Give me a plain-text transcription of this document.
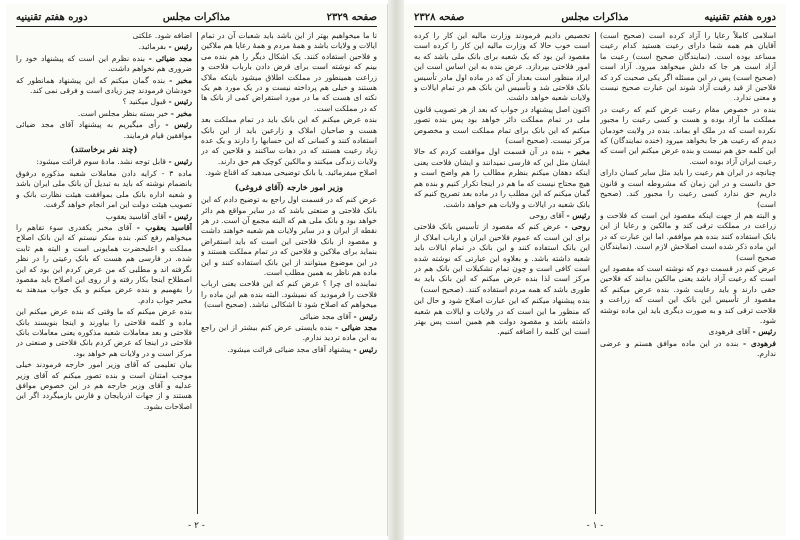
صفحه ۲۳۲۹
مذاکرات مجلس
دوره هفتم تقنینیه

تا ما میخواهیم بهتر از این باشد باید شعبات آن در تمام ایالات و ولایات باشد و همهٔ مردم و همهٔ رعایا هم ملاکین و فلاحین استفاده کنند. یک اشکال دیگر را هم بنده می بینم که نوشته است برای قرض دادن بارباب فلاحت و زراعت همینطور در مملکت اطلاق میشود باینکه ملاک هستند و خیلی هم پرداخته نیست و در یک مورد هم یک نکته ای هست که ما در مورد استقراض کمی از بانک ها که در مملکت است.

بنده عرض میکنم که این بانک باید در تمام مملکت بعد هست و صاحبان املاک و زارعین باید از این بانک استفاده کنند و کسانی که این حسابها را دارند و یک عده زیاد رعیت هستند که در دهات ساکنند و فلاحین که در ولایات زندگی میکنند و مالکین کوچک هم حق دارند.

اصلاح میفرمائید. یا بانک توضیحی میدهید که اقناع شود.

وزیر امور خارجه (آقای فروغی)

عرض کنم که در قسمت اول راجع به توضیح دادم که این بانک فلاحتی و صنعتی باشد که در سایر مواقع هم دائر خواهد بود و بانک ملی هم که البته مجمع آن است. در هر نقطه از ایران و در سایر ولایات هم شعبه خواهند داشت و مقصود از بانک فلاحتی این است که باید استقراض بنماید برای ملاکین و فلاحین که در تمام مملکت هستند و در این موضوع میتوانند از این بانک استفاده کنند و این ماده هم ناظر به همین مطلب است.

نماینده ای چرا ؟ عرض کنم که این فلاحت یعنی ارباب فلاحت را فرمودید که نمیشود. البته بنده هم این ماده را میخواهم که اصلاح شود تا اشکالی نباشد. (صحیح است)

رئیس - آقای مجد ضیائی

مجد ضیائی - بنده بایستی عرض کنم بیشتر از این راجع به این ماده تردید ندارم.

رئیس - پیشنهاد آقای مجد ضیائی قرائت میشود.

اضافه شود. علکتی

رئیس - بفرمائید.

مجد ضیائی - بنده نظرم این است که پیشنهاد خود را ضروری هم نخواهم داشت.

مخبر - بنده گمان میکنم که این پیشنهاد همانطور که خودشان فرمودند چیز زیادی است و فرقی نمی کند.

رئیس - قبول میکنید ؟

مخبر - خیر بسته بنظر مجلس است.

رئیس - رأی میگیریم به پیشنهاد آقای مجد ضیائی موافقین قیام فرمایند.

(چند نفر برخاستند)

رئیس - قابل توجه نشد. مادهٔ سوم قرائت میشود:

ماده ۳ - کرایه دادن معاملات شعبه مذکوره درفوق بانضمام نوشته که باید به تبدیل آن بانک ملی ایران باشد و شعبه اداره بانک ملی بموافقت هیئت نظارت بانک و تصویب هیئت دولت این امر انجام خواهد گرفت.

رئیس - آقای آقاسید یعقوب

آقاسید یعقوب - آقای مخبر یکقدری سوء تفاهم را میخواهم رفع کنم. بنده منکر نیستم که این بانک اصلاح مملکت و اعلیحضرت همایونی است و البته هم ثابت شده. در فارسی هم هست که بانک رعیتی را در نظر نگرفته اند و مطلبی که من عرض کردم این بود که این اصطلاح اینجا بکار رفته و از روی این اصلاح باید مقصود را بفهمیم و بنده عرض میکنم و یک جواب میدهند به مخبر جواب دادم.

بنده عرض میکنم که ما وقتی که بنده عرض میکنم این ماده و کلمه فلاحتی را بیاورند و اینجا بنویسند بانک فلاحتی و بعد معاملات شعبه مذکوره یعنی معاملات بانک فلاحتی در اینجا که عرض کردم بانک فلاحتی و صنعتی در مرکز است و در ولایات هم خواهد بود.

بیان تعلیمی که آقای وزیر امور خارجه فرمودند خیلی موجب امتنان است و بنده تصور میکنم که آقای وزیر عدلیه و آقای وزیر خارجه هم در این خصوص موافق هستند و از جهات اذربایجان و فارس بازمیگردد اگر این اصلاحات بشود.

- ۲ -
دوره هفتم تقنینیه
مذاکرات مجلس
صفحه ۲۳۲۸

اسلامی کاملاً رعایا را آزاد کرده است (صحیح است) آقایان هم همه شما دارای رعیت هستید کدام رعیت مساعد بوده است. (نمایندگان صحیح است) رعیت ما آزاد است هر جا که دلش میخواهد میرود. آزاد است (صحیح است) پس در این مسئله اگر یکی صحبت کرد که فلاحین از قید رقیت آزاد شوند این عبارت صحیح نیست و معنی ندارد.

بنده در خصوص مقام رعیت عرض کنم که رعیت در مملکت ما آزاد بوده و هست و کسی رعیت را مجبور نکرده است که در ملک او بماند. بنده در ولایت خودمان دیدم که رعیت هر جا بخواهد میرود (خنده نمایندگان) که این کلمه حق هم نیست و بنده عرض میکنم این است که رعیت ایران آزاد بوده است.

چنانچه در ایران هم رعیت را باید مثل سایر کسان دارای حق دانست و در این زمان که مشروطه است و قانون داریم حق ندارد کسی رعیت را مجبور کند. (صحیح است)

و البته هم از جهت اینکه مقصود این است که فلاحت و زراعت در مملکت ترقی کند و مالکین و رعایا از این بانک استفاده کنند بنده هم موافقم. اما این عبارت که در این ماده ذکر شده است اصلاحش لازم است. (نمایندگان صحیح است)

عرض کنم در قسمت دوم که نوشته است که مقصود این است که رعیت آزاد باشد یعنی مالکین بدانند که فلاحین حقی دارند و باید رعایت شود. بنده عرض میکنم که مقصود از تأسیس این بانک این است که زراعت و فلاحت ترقی کند و به صورت دیگری باید این ماده نوشته شود.

رئیس - آقای فرهودی

فرهودی - بنده در این ماده موافق هستم و عرضی ندارم.

تخصیص دادیم فرمودند وزارت مالیه این کار را کرده است خوب حالا که وزارت مالیه این کار را کرده است مقصود این بود که یک شعبه برای بانک ملی باشد که به امور فلاحتی بپردازد. عرض بنده به این اساس است این ایراد منظور است بعداز آن که در ماده اول مادر تأسیس بانک فلاحتی شد و تأسیس این بانک هم در تمام ایالات و ولایات شعبه خواهد داشت.

اکنون اصل پیشنهاد در جواب که بعد از هر تصویب قانون ملی در تمام مملکت دائر خواهد بود پس بنده تصور میکنم که این بانک برای تمام مملکت است و مخصوص مرکز نیست. (صحیح است)

مخبر - بنده در آن قسمت اول موافقت کردم که حالا ایشان مثل این که فارسی نمیدانند و ایشان فلاحت یعنی اینکه دهقان میکنم بنظرم مطالب را هم واضح است و هیچ محتاج نیست که ما هم در اینجا تکرار کنیم و بنده هم گمان میکنم که این مطلب را در ماده بعد تصریح کنیم که بانک شعبه در ایالات و ولایات هم خواهد داشت.

رئیس - آقای روحی

روحی - عرض کنم که مقصود از تأسیس بانک فلاحتی برای این است که عموم فلاحین ایران و ارباب املاک از این بانک استفاده کنند و این بانک در تمام ایالات باید شعبه داشته باشد. و بعلاوه این عبارتی که نوشته شده است کافی است و چون تمام تشکیلات این بانک هم در مرکز است لذا بنده عرض میکنم که این بانک باید به طوری باشد که همه مردم استفاده کنند. (صحیح است)

بنده پیشنهاد میکنم که این عبارت اصلاح شود و حال این که منظور ما این است که در ولایات و ایالات هم شعبه داشته باشد و مقصود دولت هم همین است پس بهتر است این کلمه را اضافه کنیم.

- ۱ -
